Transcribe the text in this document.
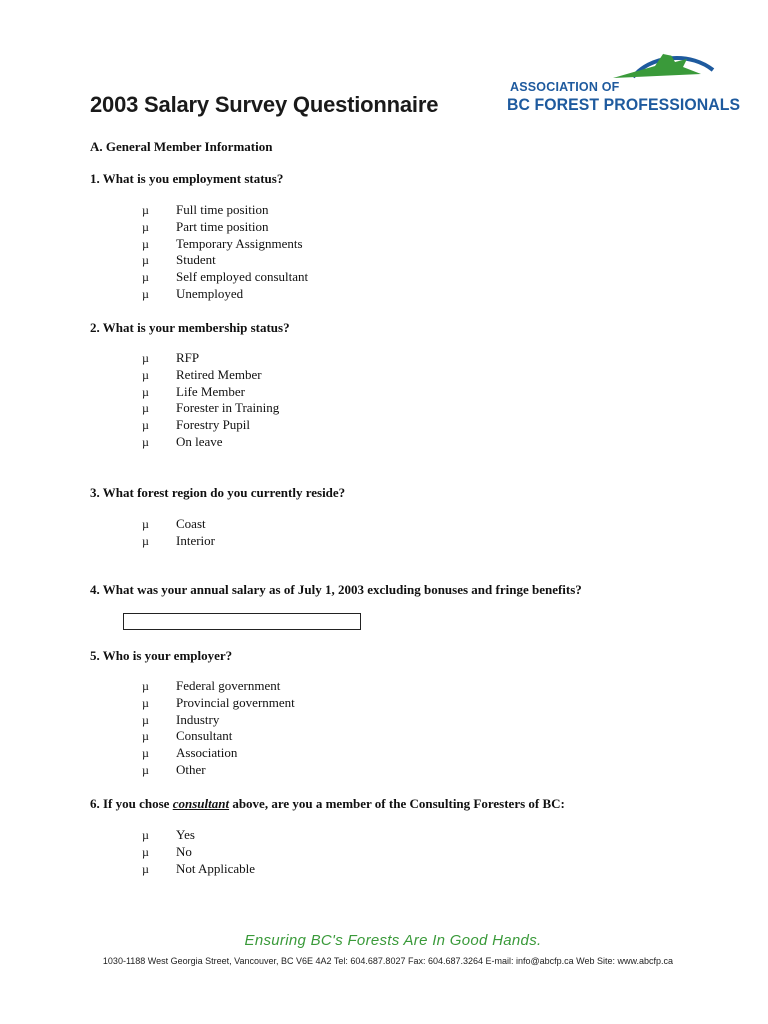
2003 Salary Survey Questionnaire
ASSOCIATION OF
BC FOREST PROFESSIONALS
A. General Member Information
1. What is you employment status?
µ	Full time position
µ	Part time position
µ	Temporary Assignments
µ	Student
µ	Self employed consultant
µ	Unemployed
2. What is your membership status?
µ	RFP
µ	Retired Member
µ	Life Member
µ	Forester in Training
µ	Forestry Pupil
µ	On leave
3. What forest region do you currently reside?
µ	Coast
µ	Interior
4. What was your annual salary as of July 1, 2003 excluding bonuses and fringe benefits?
5. Who is your employer?
µ	Federal government
µ	Provincial government
µ	Industry
µ	Consultant
µ	Association
µ	Other
6. If you chose consultant above, are you a member of the Consulting Foresters of BC:
µ	Yes
µ	No
µ	Not Applicable
Ensuring BC's Forests Are In Good Hands.
1030-1188 West Georgia Street, Vancouver, BC V6E 4A2 Tel: 604.687.8027 Fax: 604.687.3264 E-mail: info@abcfp.ca Web Site: www.abcfp.ca
